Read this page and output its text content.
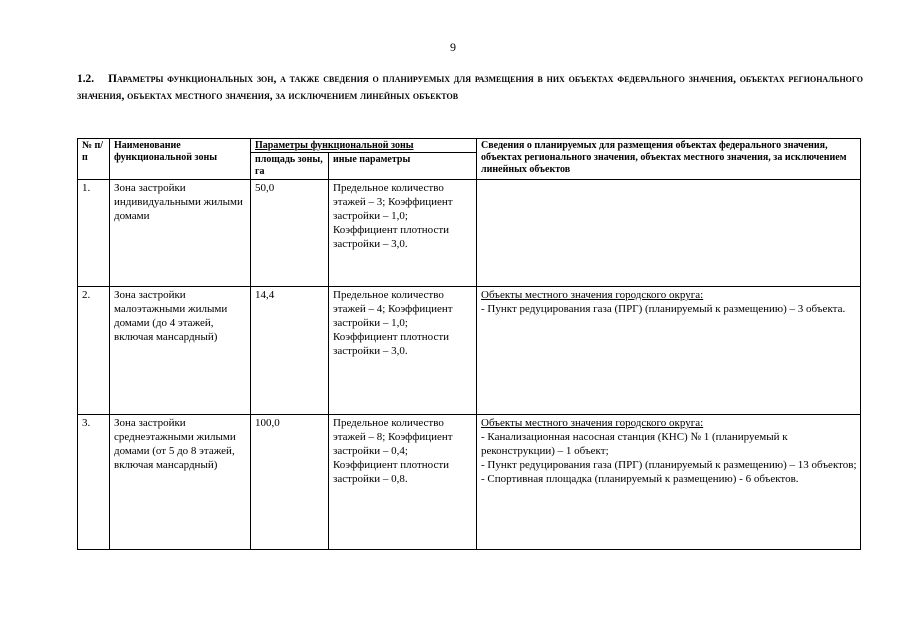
9
1.2. Параметры функциональных зон, а также сведения о планируемых для размещения в них объектах федерального значения, объектах регионального значения, объектах местного значения, за исключением линейных объектов
№ п/п	Наименование функциональной зоны	Параметры функциональной зоны		Сведения о планируемых для размещения объектах федерального значения, объектах регионального значения, объектах местного значения, за исключением линейных объектов
		площадь зоны, га	иные параметры	
1.	Зона застройки индивидуальными жилыми домами	50,0	Предельное количество этажей – 3; Коэффициент застройки – 1,0; Коэффициент плотности застройки – 3,0.	
2.	Зона застройки малоэтажными жилыми домами (до 4 этажей, включая мансардный)	14,4	Предельное количество этажей – 4; Коэффициент застройки – 1,0; Коэффициент плотности застройки – 3,0.	Объекты местного значения городского округа:
- Пункт редуцирования газа (ПРГ) (планируемый к размещению) – 3 объекта.

3.	Зона застройки среднеэтажными жилыми домами (от 5 до 8 этажей, включая мансардный)	100,0	Предельное количество этажей – 8; Коэффициент застройки – 0,4; Коэффициент плотности застройки – 0,8.	Объекты местного значения городского округа:
- Канализационная насосная станция (КНС) № 1 (планируемый к реконструкции) – 1 объект;
- Пункт редуцирования газа (ПРГ) (планируемый к размещению) – 13 объектов;
- Спортивная площадка (планируемый к размещению) - 6 объектов.
